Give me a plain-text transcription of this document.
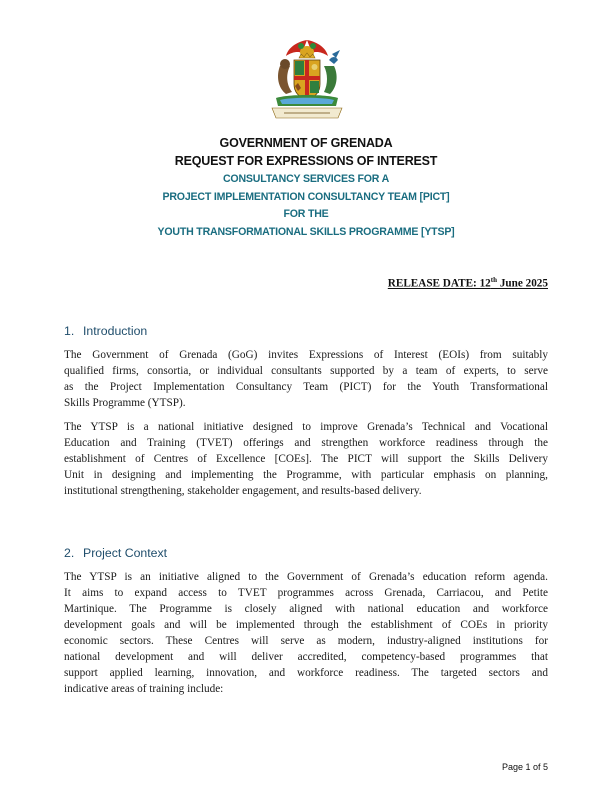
GOVERNMENT OF GRENADA
REQUEST FOR EXPRESSIONS OF INTEREST
CONSULTANCY SERVICES FOR A
PROJECT IMPLEMENTATION CONSULTANCY TEAM [PICT]
FOR THE
YOUTH TRANSFORMATIONAL SKILLS PROGRAMME [YTSP]
RELEASE DATE: 12th June 2025
1. Introduction
The Government of Grenada (GoG) invites Expressions of Interest (EOIs) from suitably
qualified firms, consortia, or individual consultants supported by a team of experts, to serve
as the Project Implementation Consultancy Team (PICT) for the Youth Transformational
Skills Programme (YTSP).
The YTSP is a national initiative designed to improve Grenada’s Technical and Vocational
Education and Training (TVET) offerings and strengthen workforce readiness through the
establishment of Centres of Excellence [COEs]. The PICT will support the Skills Delivery
Unit in designing and implementing the Programme, with particular emphasis on planning,
institutional strengthening, stakeholder engagement, and results-based delivery.
2. Project Context
The YTSP is an initiative aligned to the Government of Grenada’s education reform agenda.
It aims to expand access to TVET programmes across Grenada, Carriacou, and Petite
Martinique. The Programme is closely aligned with national education and workforce
development goals and will be implemented through the establishment of COEs in priority
economic sectors. These Centres will serve as modern, industry-aligned institutions for
national development and will deliver accredited, competency-based programmes that
support applied learning, innovation, and workforce readiness. The targeted sectors and
indicative areas of training include:
Page 1 of 5
